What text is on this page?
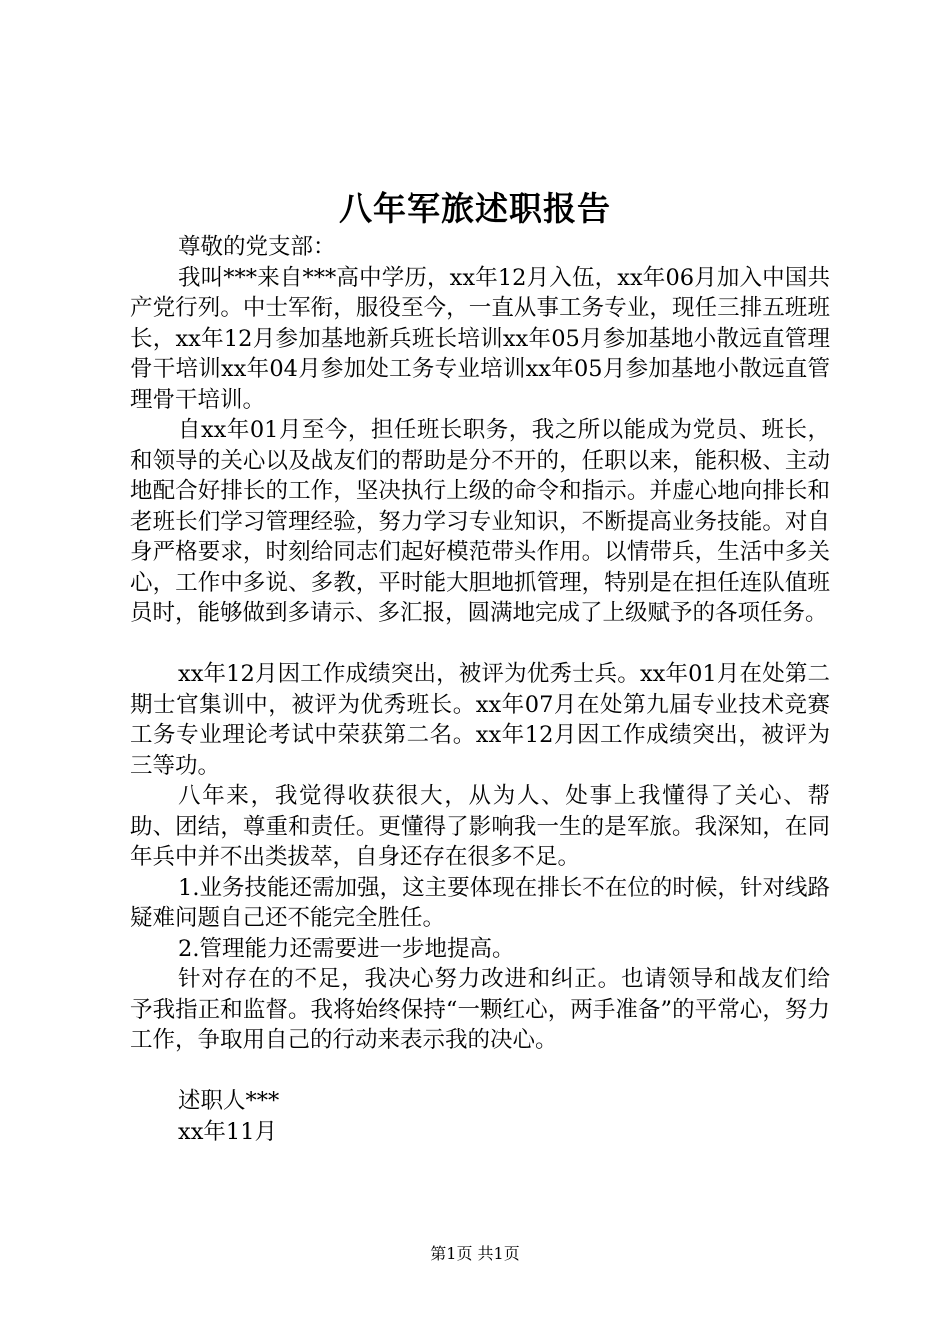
八年军旅述职报告

尊敬的党支部：

我叫***来自***高中学历，xx年12月入伍，xx年06月加入中国共产党行列。中士军衔，服役至今，一直从事工务专业，现任三排五班班长，xx年12月参加基地新兵班长培训xx年05月参加基地小散远直管理骨干培训xx年04月参加处工务专业培训xx年05月参加基地小散远直管理骨干培训。

自xx年01月至今，担任班长职务，我之所以能成为党员、班长，和领导的关心以及战友们的帮助是分不开的，任职以来，能积极、主动地配合好排长的工作，坚决执行上级的命令和指示。并虚心地向排长和老班长们学习管理经验，努力学习专业知识，不断提高业务技能。对自身严格要求，时刻给同志们起好模范带头作用。以情带兵，生活中多关心，工作中多说、多教，平时能大胆地抓管理，特别是在担任连队值班员时，能够做到多请示、多汇报，圆满地完成了上级赋予的各项任务。

xx年12月因工作成绩突出，被评为优秀士兵。xx年01月在处第二期士官集训中，被评为优秀班长。xx年07月在处第九届专业技术竞赛工务专业理论考试中荣获第二名。xx年12月因工作成绩突出，被评为三等功。

八年来，我觉得收获很大，从为人、处事上我懂得了关心、帮助、团结，尊重和责任。更懂得了影响我一生的是军旅。我深知，在同年兵中并不出类拔萃，自身还存在很多不足。

1.业务技能还需加强，这主要体现在排长不在位的时候，针对线路疑难问题自己还不能完全胜任。

2.管理能力还需要进一步地提高。

针对存在的不足，我决心努力改进和纠正。也请领导和战友们给予我指正和监督。我将始终保持“一颗红心，两手准备”的平常心，努力工作，争取用自己的行动来表示我的决心。

述职人***

xx年11月

第1页 共1页
